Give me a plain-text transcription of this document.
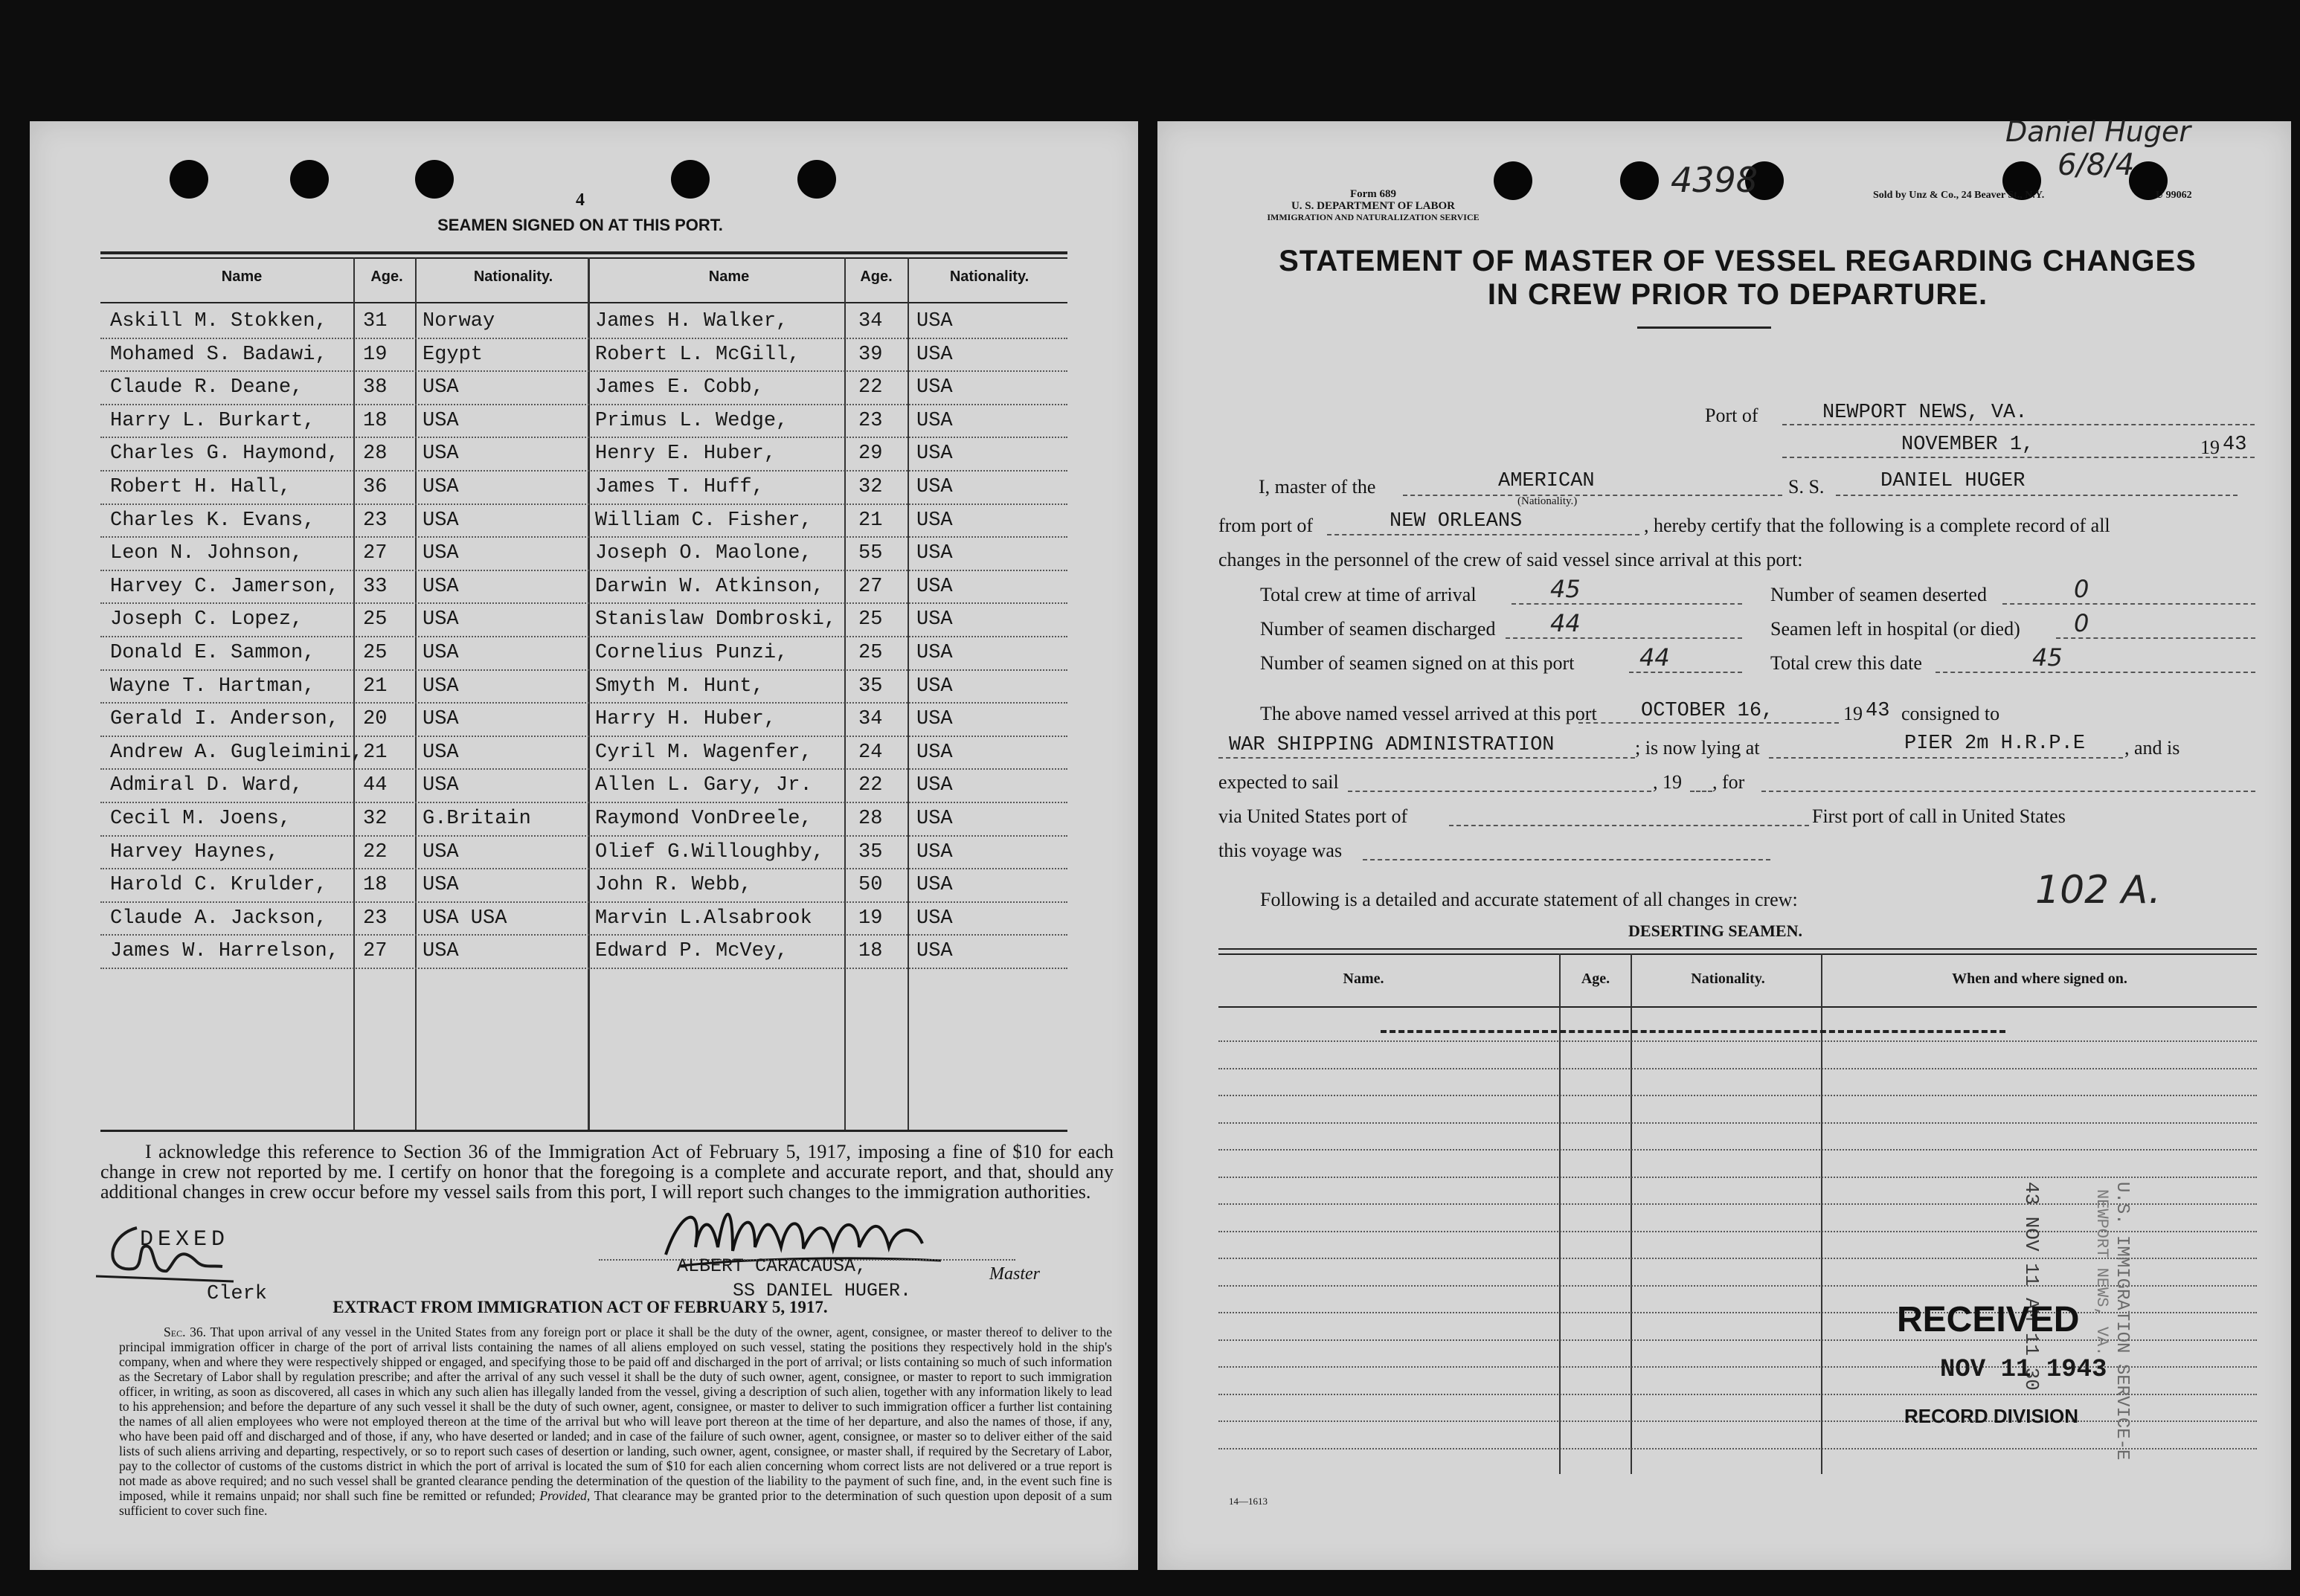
4
SEAMEN SIGNED ON AT THIS PORT.
Name	Age.	Nationality.	Name	Age.	Nationality.
Askill M. Stokken, 31 Norway	James H. Walker,	34 USA
Mohamed S. Badawi, 19 Egypt	Robert L. McGill,	39 USA
Claude R. Deane,	38 USA	James E. Cobb,	22 USA
Harry L. Burkart, 18 USA	Primus L. Wedge,	23 USA
Charles G. Haymond, 28 USA	Henry E. Huber,	29 USA
Robert H. Hall,	36 USA	James T. Huff,	32 USA
Charles K. Evans, 23 USA	William C. Fisher, 21 USA
Leon N. Johnson,	27 USA	Joseph O. Maolone, 55 USA
Harvey C. Jamerson, 33 USA	Darwin W. Atkinson, 27 USA
Joseph C. Lopez,	25 USA	Stanislaw Dombroski, 25 USA
Donald E. Sammon, 25 USA	Cornelius Punzi,	25 USA
Wayne T. Hartman, 21 USA	Smyth M. Hunt,	35 USA
Gerald I. Anderson, 20 USA	Harry H. Huber,	34 USA
Andrew A. Gugleimini, 21 USA	Cyril M. Wagenfer, 24 USA
Admiral D. Ward,	44 USA	Allen L. Gary, Jr. 22 USA
Cecil M. Joens,	32 G.Britain	Raymond VonDreele, 28 USA
Harvey Haynes,	22 USA	Olief G.Willoughby, 35 USA
Harold C. Krulder, 18 USA	John R. Webb,	50 USA
Claude A. Jackson, 23 USA USA	Marvin L.Alsabrook 19 USA
James W. Harrelson, 27 USA	Edward P. McVey,	18 USA
I acknowledge this reference to Section 36 of the Immigration Act of February 5, 1917, imposing a fine of $10 for each change in crew not reported by me. I certify on honor that the foregoing is a complete and accurate report, and that, should any additional changes in crew occur before my vessel sails from this port, I will report such changes to the immigration authorities.
DEXED
Clerk
ALBERT CARACAUSA,
SS DANIEL HUGER.
Master
EXTRACT FROM IMMIGRATION ACT OF FEBRUARY 5, 1917.
Sec. 36. That upon arrival of any vessel in the United States from any foreign port or place it shall be the duty of the owner, agent, consignee, or master thereof to deliver to the principal immigration officer in charge of the port of arrival lists containing the names of all aliens employed on such vessel, stating the positions they respectively hold in the ship's company, when and where they were respectively shipped or engaged, and specifying those to be paid off and discharged in the port of arrival; or lists containing so much of such information as the Secretary of Labor shall by regulation prescribe; and after the arrival of any such vessel it shall be the duty of such owner, agent, consignee, or master to report to such immigration officer, in writing, as soon as discovered, all cases in which any such alien has illegally landed from the vessel, giving a description of such alien, together with any information likely to lead to his apprehension; and before the departure of any such vessel it shall be the duty of such owner, agent, consignee, or master to deliver to such immigration officer a further list containing the names of all alien employees who were not employed thereon at the time of the arrival but who will leave port thereon at the time of her departure, and also the names of those, if any, who have been paid off and discharged and of those, if any, who have deserted or landed; and in case of the failure of such owner, agent, consignee, or master so to deliver either of the said lists of such aliens arriving and departing, respectively, or so to report such cases of desertion or landing, such owner, agent, consignee, or master shall, if required by the Secretary of Labor, pay to the collector of customs of the customs district in which the port of arrival is located the sum of $10 for each alien concerning whom correct lists are not delivered or a true report is not made as above required; and no such vessel shall be granted clearance pending the determination of the question of the liability to the payment of such fine, and, in the event such fine is imposed, while it remains unpaid; nor shall such fine be remitted or refunded; Provided, That clearance may be granted prior to the determination of such question upon deposit of a sum sufficient to cover such fine.
4398
Daniel Huger
6/8/4
Form 689
U. S. DEPARTMENT OF LABOR
IMMIGRATION AND NATURALIZATION SERVICE
Sold by Unz & Co., 24 Beaver St., N.Y.	U 99062
STATEMENT OF MASTER OF VESSEL REGARDING CHANGES
IN CREW PRIOR TO DEPARTURE.
Port of	NEWPORT NEWS, VA.
NOVEMBER 1,	19 43
I, master of the	AMERICAN
(Nationality.)
S. S.	DANIEL HUGER
from port of	NEW ORLEANS	, hereby certify that the following is a complete record of all
changes in the personnel of the crew of said vessel since arrival at this port:
Total crew at time of arrival	45
Number of seamen discharged 44
Number of seamen signed on at this port	44
Number of seamen deserted	0
Seamen left in hospital (or died) 0
Total crew this date	45
The above named vessel arrived at this port OCTOBER 16,	19 43 consigned to
WAR SHIPPING ADMINISTRATION	; is now lying at	PIER 2m H.R.P.E , and is
expected to sail	, 19 , for
via United States port of	First port of call in United States
this voyage was
Following is a detailed and accurate statement of all changes in crew:	102 A.
DESERTING SEAMEN.
Name.	Age.	Nationality.	When and where signed on.
43 NOV 11 AM 11 30	U.S. IMMIGRATION SERVICE-E
NEWPORT NEWS, VA.
RECEIVED
NOV 11 1943
RECORD DIVISION
14—1613
